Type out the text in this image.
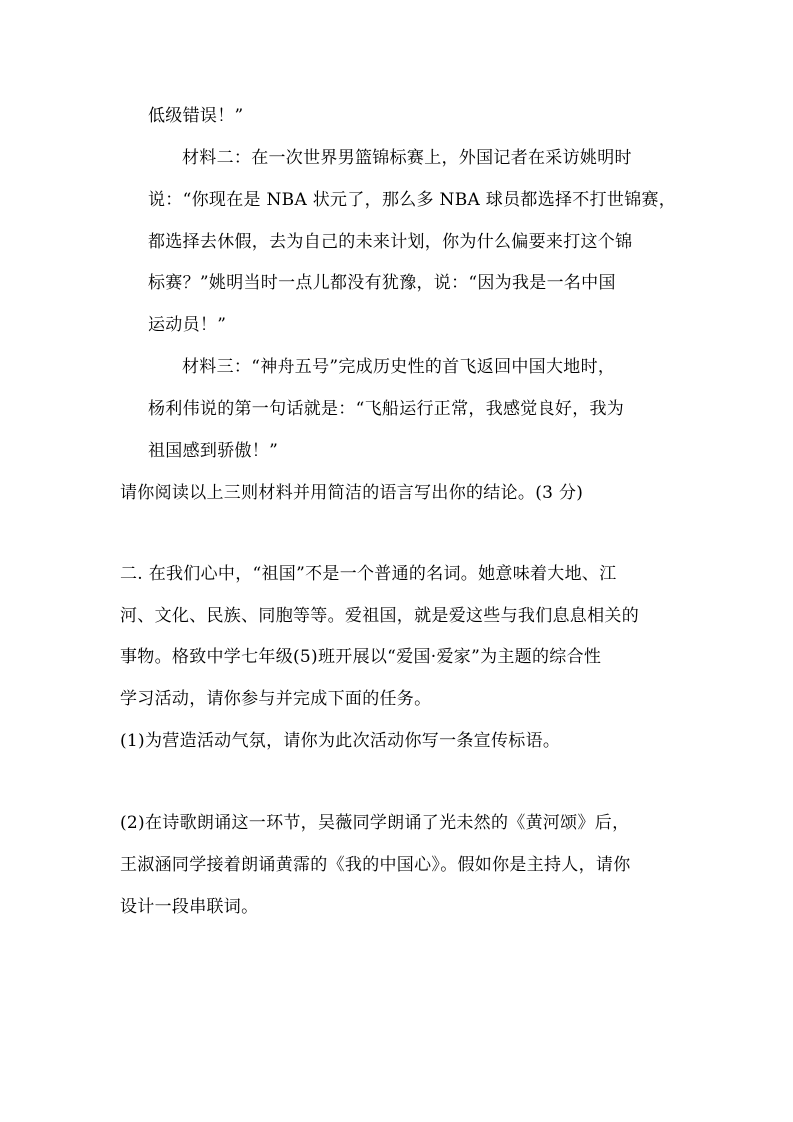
低级错误！”
材料二：在一次世界男篮锦标赛上，外国记者在采访姚明时
说：“你现在是 NBA 状元了，那么多 NBA 球员都选择不打世锦赛，
都选择去休假，去为自己的未来计划，你为什么偏要来打这个锦
标赛？”姚明当时一点儿都没有犹豫，说：“因为我是一名中国
运动员！”
材料三：“神舟五号”完成历史性的首飞返回中国大地时，
杨利伟说的第一句话就是：“飞船运行正常，我感觉良好，我为
祖国感到骄傲！”
请你阅读以上三则材料并用简洁的语言写出你的结论。(3 分)
二. 在我们心中，“祖国”不是一个普通的名词。她意味着大地、江
河、文化、民族、同胞等等。爱祖国，就是爱这些与我们息息相关的
事物。格致中学七年级(5)班开展以“爱国·爱家”为主题的综合性
学习活动，请你参与并完成下面的任务。
(1)为营造活动气氛，请你为此次活动你写一条宣传标语。
(2)在诗歌朗诵这一环节，吴薇同学朗诵了光未然的《黄河颂》后，
王淑涵同学接着朗诵黄霈的《我的中国心》。假如你是主持人，请你
设计一段串联词。
